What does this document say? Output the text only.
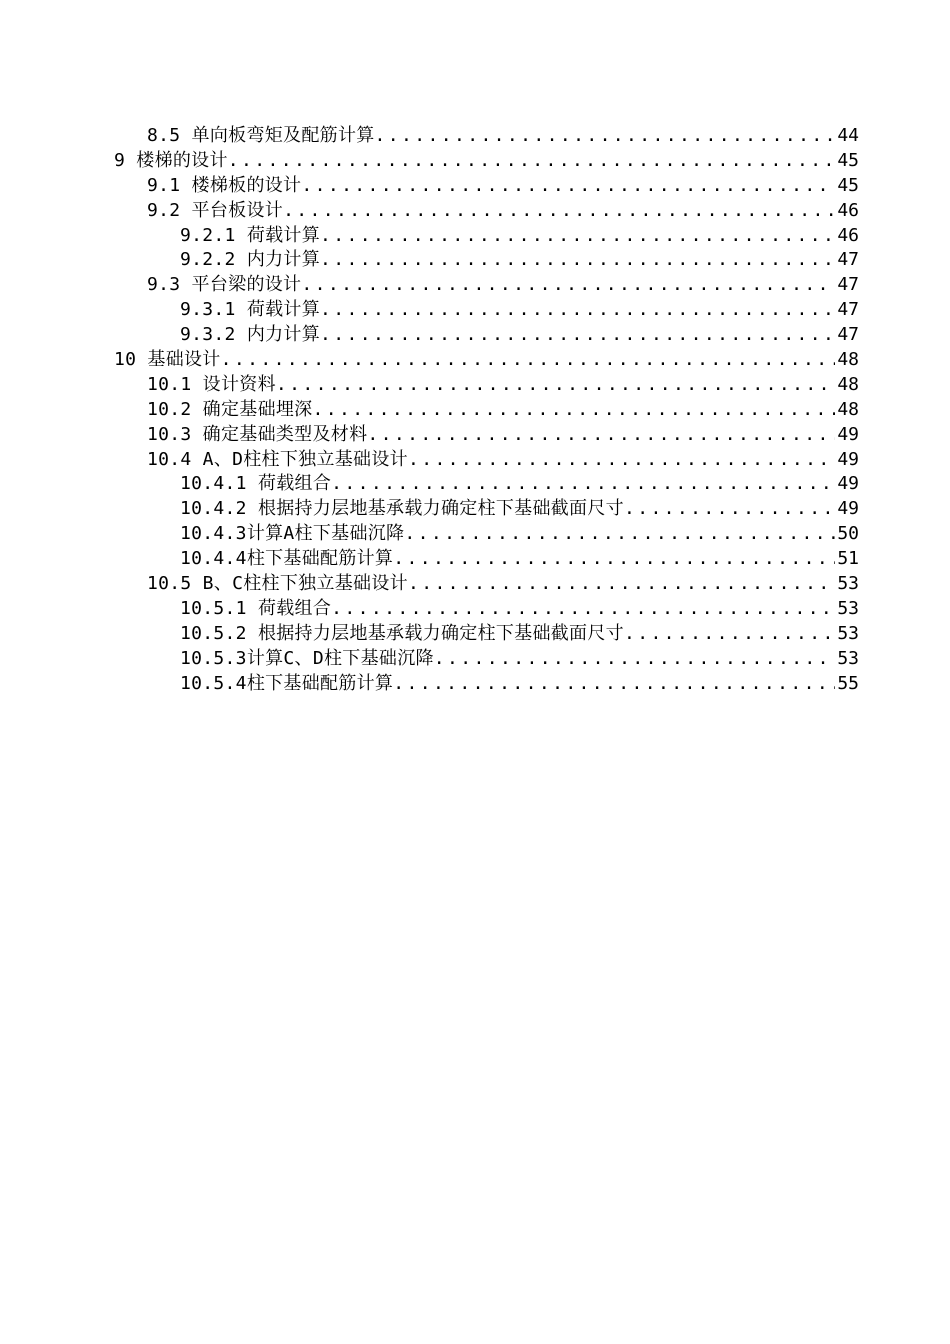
8.5 单向板弯矩及配筋计算 .....	44
9 楼梯的设计 .....	45
9.1 楼梯板的设计 .....	45
9.2 平台板设计 .....	46
9.2.1 荷载计算 .....	46
9.2.2 内力计算 .....	47
9.3 平台梁的设计 .....	47
9.3.1 荷载计算 .....	47
9.3.2 内力计算 .....	47
10 基础设计 .....	48
10.1 设计资料 .....	48
10.2 确定基础埋深 .....	48
10.3 确定基础类型及材料 .....	49
10.4 A、D柱柱下独立基础设计 .....	49
10.4.1 荷载组合 .....	49
10.4.2 根据持力层地基承载力确定柱下基础截面尺寸 .....	49
10.4.3计算A柱下基础沉降 .....	50
10.4.4柱下基础配筋计算 .....	51
10.5 B、C柱柱下独立基础设计 .....	53
10.5.1 荷载组合 .....	53
10.5.2 根据持力层地基承载力确定柱下基础截面尺寸 .....	53
10.5.3计算C、D柱下基础沉降 .....	53
10.5.4柱下基础配筋计算 .....	55
